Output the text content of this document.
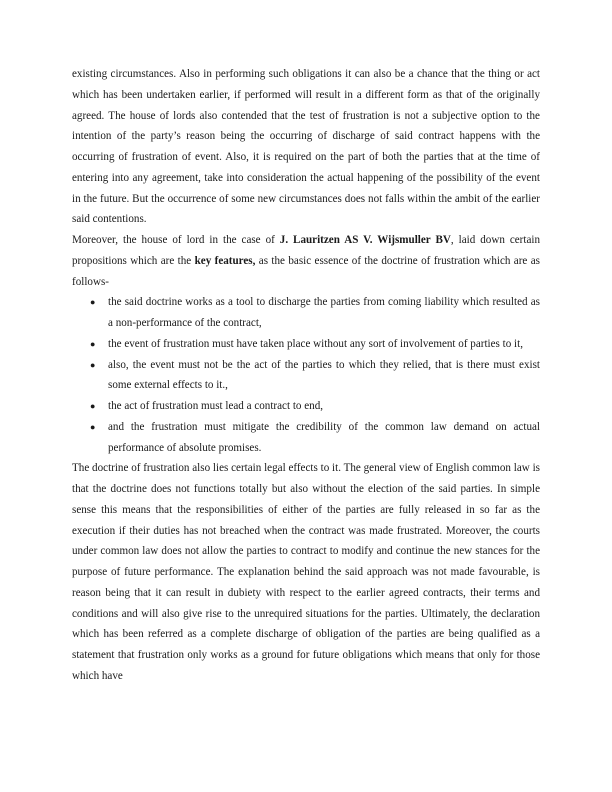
existing circumstances. Also in performing such obligations it can also be a chance that the thing or act which has been undertaken earlier, if performed will result in a different form as that of the originally agreed. The house of lords also contended that the test of frustration is not a subjective option to the intention of the party’s reason being the occurring of discharge of said contract happens with the occurring of frustration of event. Also, it is required on the part of both the parties that at the time of entering into any agreement, take into consideration the actual happening of the possibility of the event in the future. But the occurrence of some new circumstances does not falls within the ambit of the earlier said contentions.

Moreover, the house of lord in the case of J. Lauritzen AS V. Wijsmuller BV, laid down certain propositions which are the key features, as the basic essence of the doctrine of frustration which are as follows-

● the said doctrine works as a tool to discharge the parties from coming liability which resulted as a non-performance of the contract,
● the event of frustration must have taken place without any sort of involvement of parties to it,
● also, the event must not be the act of the parties to which they relied, that is there must exist some external effects to it.,
● the act of frustration must lead a contract to end,
● and the frustration must mitigate the credibility of the common law demand on actual performance of absolute promises.

The doctrine of frustration also lies certain legal effects to it. The general view of English common law is that the doctrine does not functions totally but also without the election of the said parties. In simple sense this means that the responsibilities of either of the parties are fully released in so far as the execution if their duties has not breached when the contract was made frustrated. Moreover, the courts under common law does not allow the parties to contract to modify and continue the new stances for the purpose of future performance. The explanation behind the said approach was not made favourable, is reason being that it can result in dubiety with respect to the earlier agreed contracts, their terms and conditions and will also give rise to the unrequired situations for the parties. Ultimately, the declaration which has been referred as a complete discharge of obligation of the parties are being qualified as a statement that frustration only works as a ground for future obligations which means that only for those which have
